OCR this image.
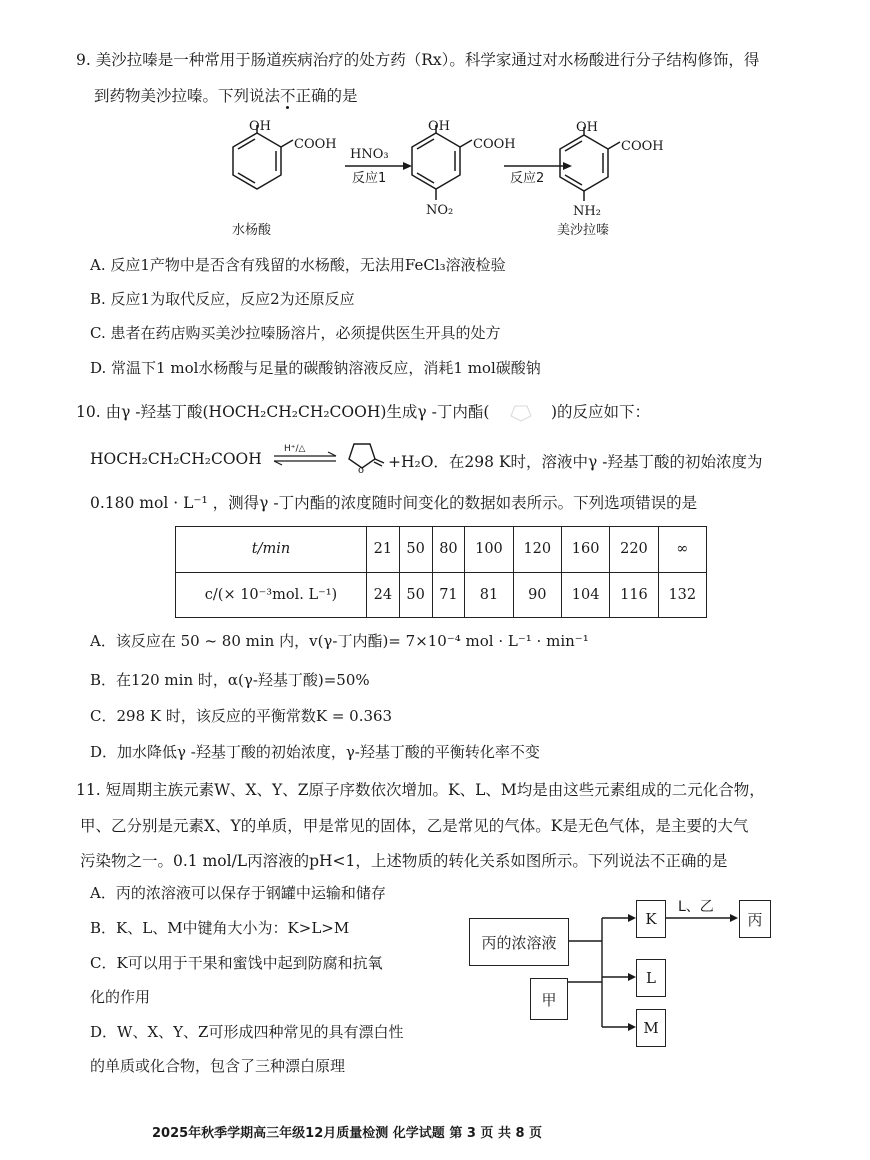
9. 美沙拉嗪是一种常用于肠道疾病治疗的处方药（Rx）。科学家通过对水杨酸进行分子结构修饰，得
到药物美沙拉嗪。下列说法不正确的是
OH
COOH
水杨酸
HNO₃
反应1
OH
COOH
NO₂
反应2
OH
COOH
NH₂
美沙拉嗪
A. 反应1产物中是否含有残留的水杨酸，无法用FeCl₃溶液检验
B. 反应1为取代反应，反应2为还原反应
C. 患者在药店购买美沙拉嗪肠溶片，必须提供医生开具的处方
D. 常温下1 mol水杨酸与足量的碳酸钠溶液反应，消耗1 mol碳酸钠
10. 由γ -羟基丁酸(HOCH₂CH₂CH₂COOH)生成γ -丁内酯(	)的反应如下：
HOCH₂CH₂CH₂COOH
H⁺/△
o +H₂O．在298 K时，溶液中γ -羟基丁酸的初始浓度为
0.180 mol · L⁻¹ ，测得γ -丁内酯的浓度随时间变化的数据如表所示。下列选项错误的是
t/min	21	50	80	100	120	160	220	∞
c/(× 10⁻³mol. L⁻¹)	24	50	71	81	90	104	116	132
A．该反应在 50 ~ 80 min 内，v(γ-丁内酯)= 7×10⁻⁴ mol · L⁻¹ · min⁻¹
B．在120 min 时，α(γ-羟基丁酸)=50%
C．298 K 时，该反应的平衡常数K = 0.363
D．加水降低γ -羟基丁酸的初始浓度，γ-羟基丁酸的平衡转化率不变
11. 短周期主族元素W、X、Y、Z原子序数依次增加。K、L、M均是由这些元素组成的二元化合物，
甲、乙分别是元素X、Y的单质，甲是常见的固体，乙是常见的气体。K是无色气体，是主要的大气
污染物之一。0.1 mol/L丙溶液的pH<1，上述物质的转化关系如图所示。下列说法不正确的是
A．丙的浓溶液可以保存于钢罐中运输和储存
B．K、L、M中键角大小为：K>L>M
C．K可以用于干果和蜜饯中起到防腐和抗氧
化的作用
D．W、X、Y、Z可形成四种常见的具有漂白性
的单质或化合物，包含了三种漂白原理
L、乙
丙的浓溶液
甲
K
L
M
丙
2025年秋季学期高三年级12月质量检测 化学试题 第 3 页 共 8 页
